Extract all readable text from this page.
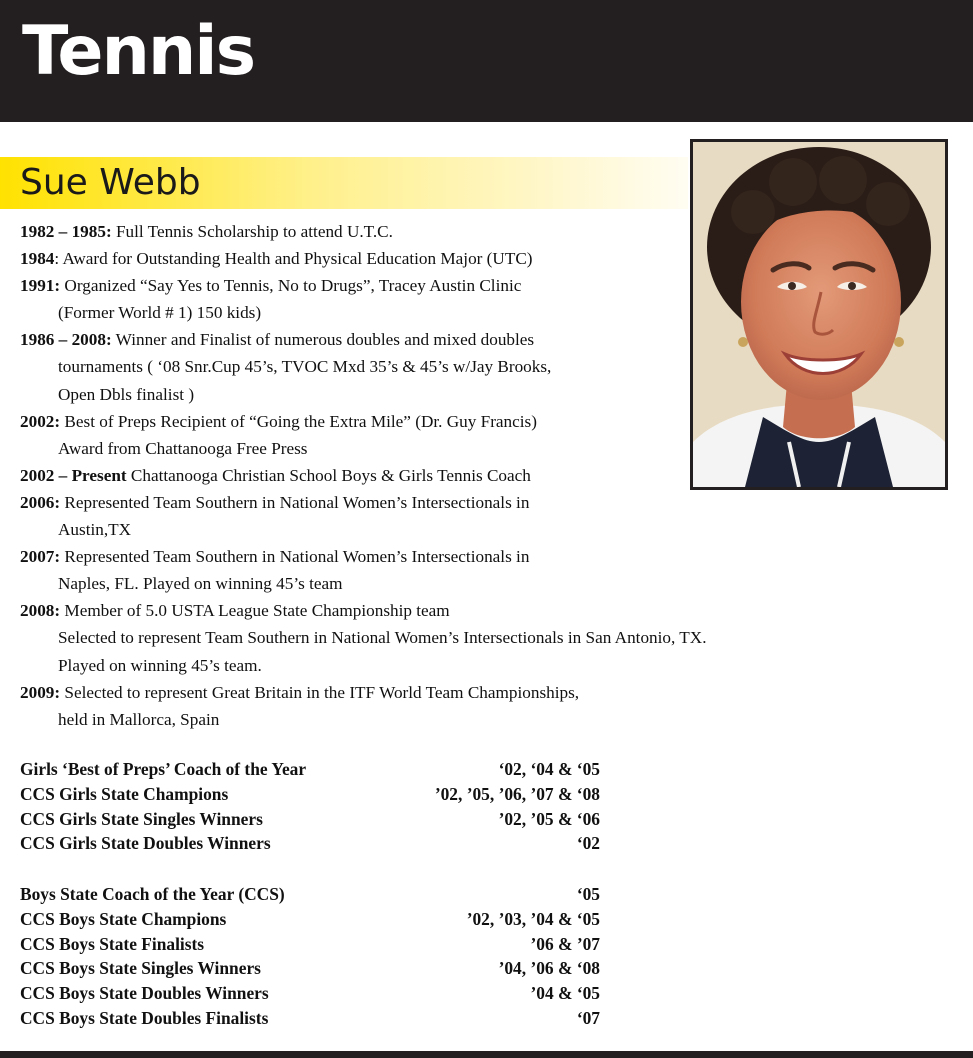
Tennis
Sue Webb
1982 – 1985: Full Tennis Scholarship to attend U.T.C.
1984: Award for Outstanding Health and Physical Education Major (UTC)
1991: Organized “Say Yes to Tennis, No to Drugs”, Tracey Austin Clinic
(Former World # 1) 150 kids)
1986 – 2008: Winner and Finalist of numerous doubles and mixed doubles
tournaments ( ‘08 Snr.Cup 45’s, TVOC Mxd 35’s & 45’s w/Jay Brooks,
Open Dbls finalist )
2002: Best of Preps Recipient of “Going the Extra Mile” (Dr. Guy Francis)
Award from Chattanooga Free Press
2002 – Present Chattanooga Christian School Boys & Girls Tennis Coach
2006: Represented Team Southern in National Women’s Intersectionals in
Austin,TX
2007: Represented Team Southern in National Women’s Intersectionals in
Naples, FL. Played on winning 45’s team
2008: Member of 5.0 USTA League State Championship team
Selected to represent Team Southern in National Women’s Intersectionals in San Antonio, TX.
Played on winning 45’s team.
2009: Selected to represent Great Britain in the ITF World Team Championships,
held in Mallorca, Spain
Girls ‘Best of Preps’ Coach of the Year	‘02, ‘04 & ‘05
CCS Girls State Champions	’02, ’05, ’06, ’07 & ‘08
CCS Girls State Singles Winners	’02, ’05 & ‘06
CCS Girls State Doubles Winners	‘02
Boys State Coach of the Year (CCS)	‘05
CCS Boys State Champions	’02, ’03, ’04 & ‘05
CCS Boys State Finalists	’06 & ’07
CCS Boys State Singles Winners	’04, ’06 & ‘08
CCS Boys State Doubles Winners	’04 & ‘05
CCS Boys State Doubles Finalists	‘07
